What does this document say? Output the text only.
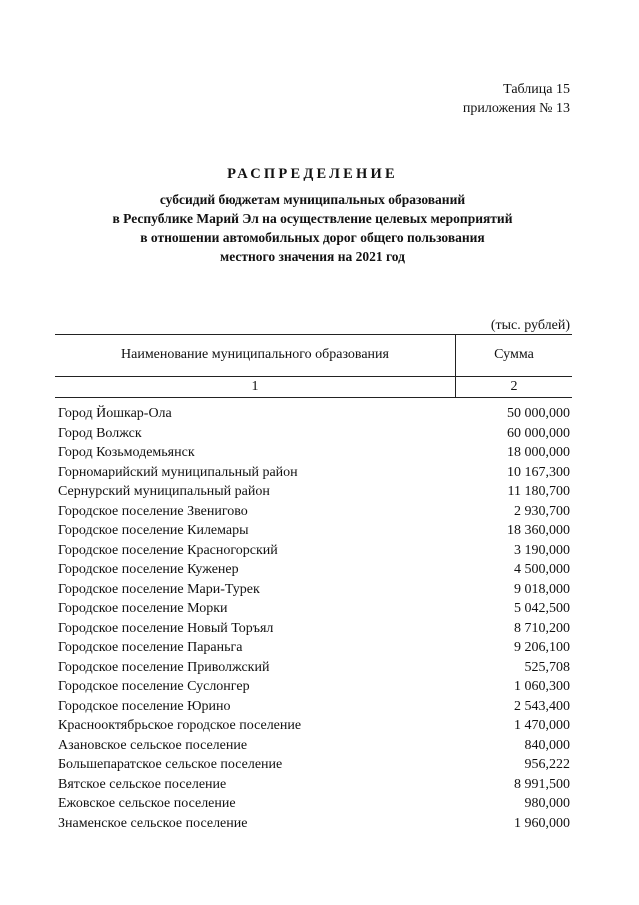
Таблица 15
приложения № 13
РАСПРЕДЕЛЕНИЕ
субсидий бюджетам муниципальных образований
в Республике Марий Эл на осуществление целевых мероприятий
в отношении автомобильных дорог общего пользования
местного значения на 2021 год
(тыс. рублей)
Наименование муниципального образования	Сумма
1	2
Город Йошкар-Ола	50 000,000
Город Волжск	60 000,000
Город Козьмодемьянск	18 000,000
Горномарийский муниципальный район	10 167,300
Сернурский муниципальный район	11 180,700
Городское поселение Звенигово	2 930,700
Городское поселение Килемары	18 360,000
Городское поселение Красногорский	3 190,000
Городское поселение Куженер	4 500,000
Городское поселение Мари-Турек	9 018,000
Городское поселение Морки	5 042,500
Городское поселение Новый Торъял	8 710,200
Городское поселение Параньга	9 206,100
Городское поселение Приволжский	525,708
Городское поселение Суслонгер	1 060,300
Городское поселение Юрино	2 543,400
Краснооктябрьское городское поселение	1 470,000
Азановское сельское поселение	840,000
Большепаратское сельское поселение	956,222
Вятское сельское поселение	8 991,500
Ежовское сельское поселение	980,000
Знаменское сельское поселение	1 960,000
